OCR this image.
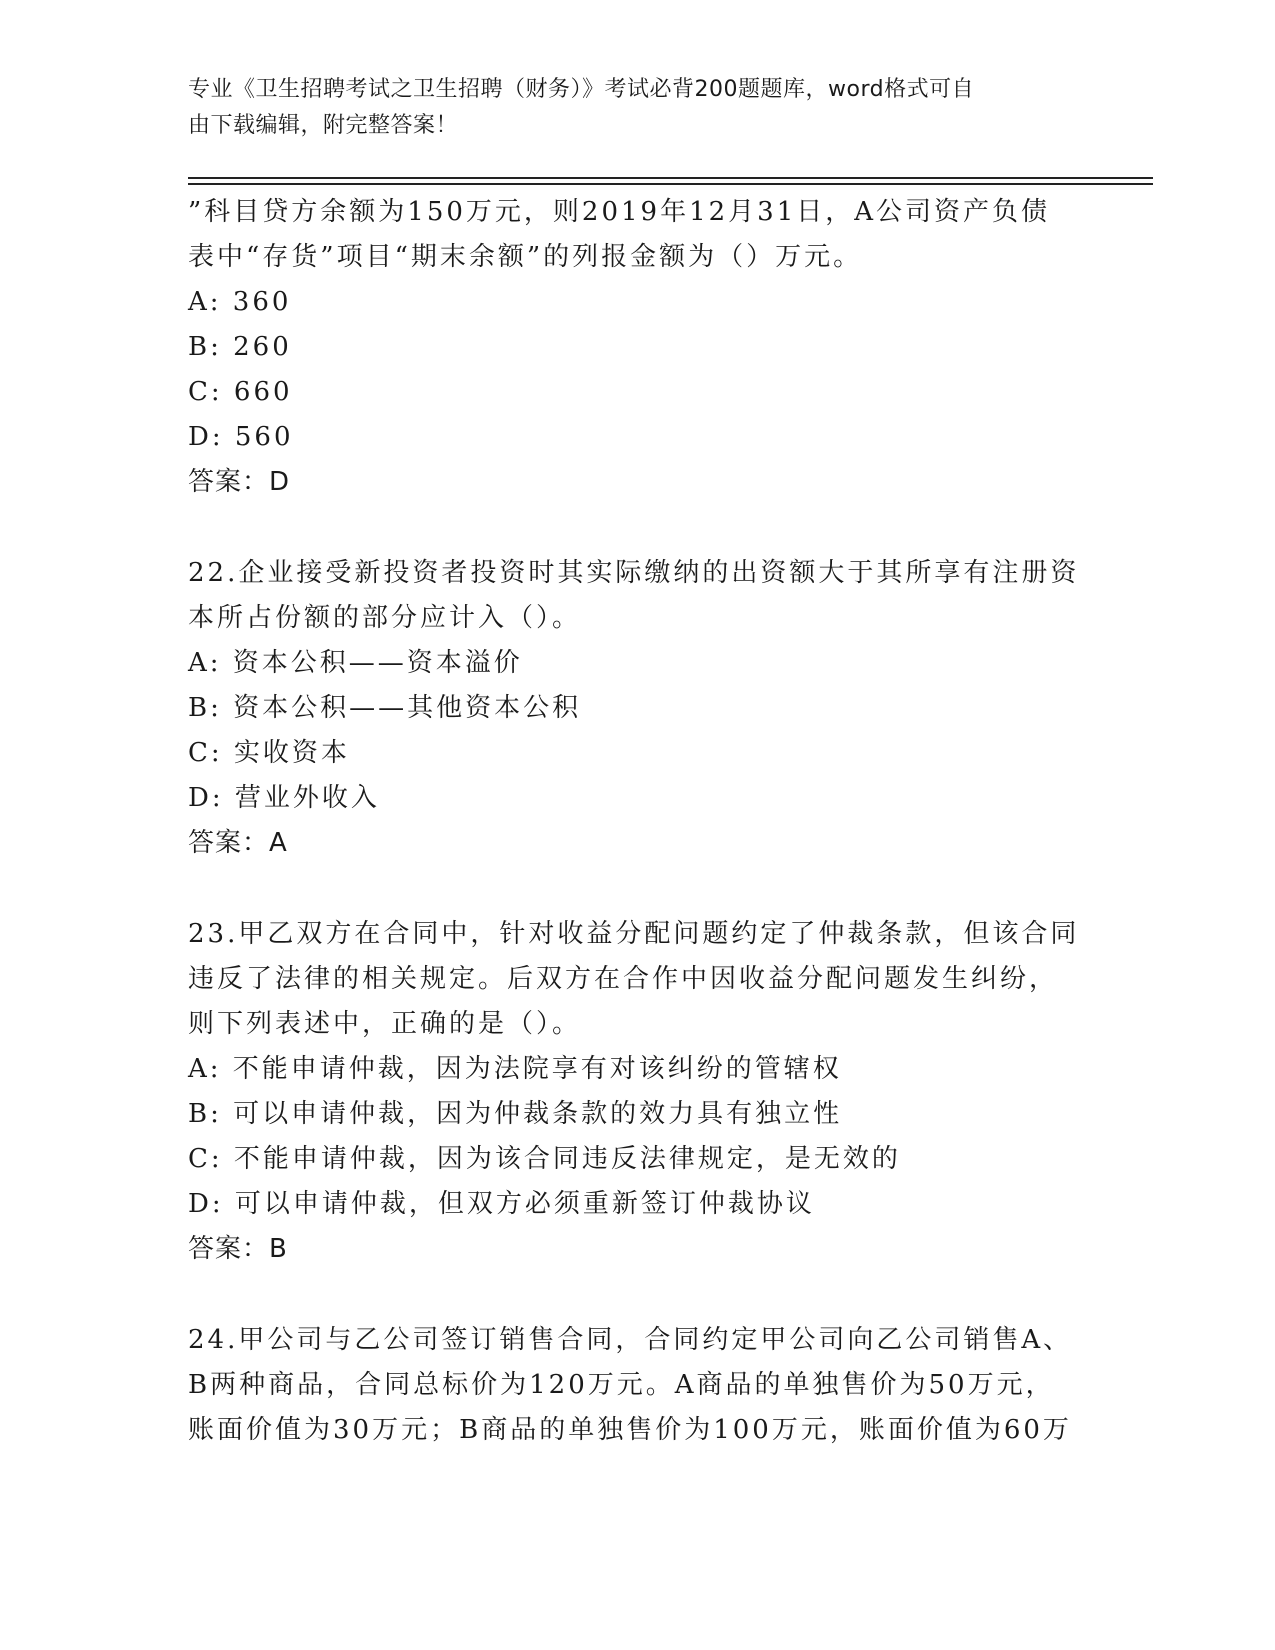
专业《卫生招聘考试之卫生招聘（财务）》考试必背200题题库，word格式可自
由下载编辑，附完整答案！
”科目贷方余额为150万元，则2019年12月31日，A公司资产负债
表中“存货”项目“期末余额”的列报金额为（）万元。
A: 360
B: 260
C: 660
D: 560
答案：D
22.企业接受新投资者投资时其实际缴纳的出资额大于其所享有注册资
本所占份额的部分应计入（）。
A: 资本公积——资本溢价
B: 资本公积——其他资本公积
C: 实收资本
D: 营业外收入
答案：A
23.甲乙双方在合同中，针对收益分配问题约定了仲裁条款，但该合同
违反了法律的相关规定。后双方在合作中因收益分配问题发生纠纷，
则下列表述中，正确的是（）。
A: 不能申请仲裁，因为法院享有对该纠纷的管辖权
B: 可以申请仲裁，因为仲裁条款的效力具有独立性
C: 不能申请仲裁，因为该合同违反法律规定，是无效的
D: 可以申请仲裁，但双方必须重新签订仲裁协议
答案：B
24.甲公司与乙公司签订销售合同，合同约定甲公司向乙公司销售A、
B两种商品，合同总标价为120万元。A商品的单独售价为50万元，
账面价值为30万元；B商品的单独售价为100万元，账面价值为60万
